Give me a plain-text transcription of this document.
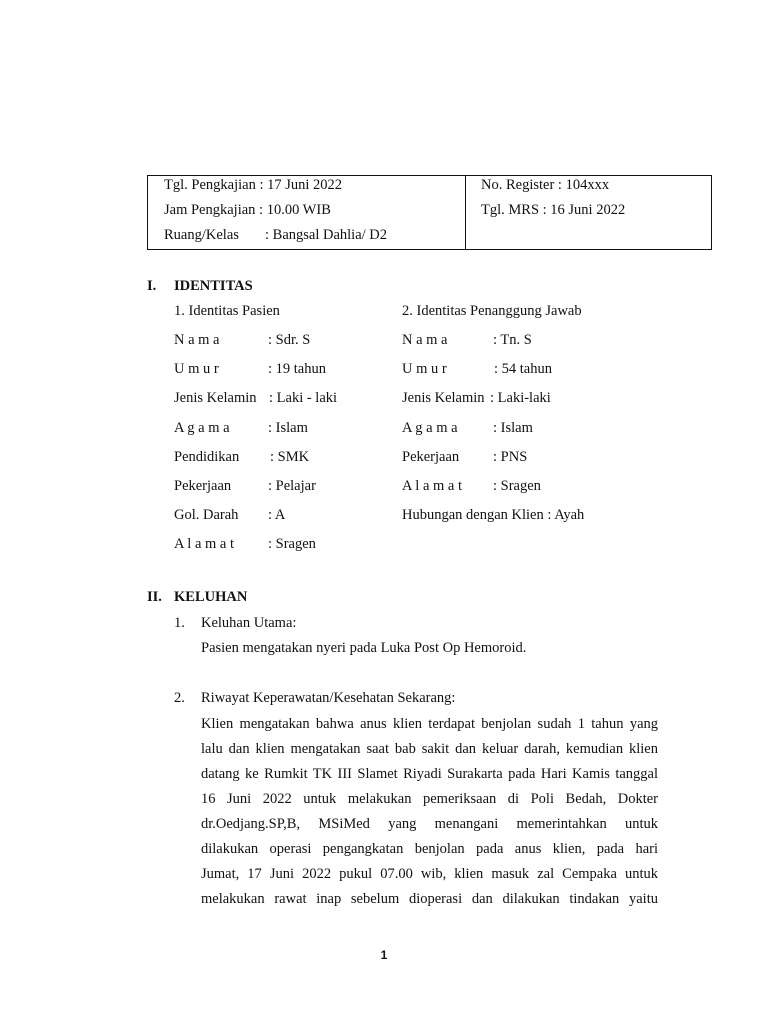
Tgl. Pengkajian : 17 Juni 2022
Jam Pengkajian : 10.00 WIB
Ruang/Kelas : Bangsal Dahlia/ D2
No. Register : 104xxx
Tgl. MRS : 16 Juni 2022
I. IDENTITAS
1. Identitas Pasien	2. Identitas Penanggung Jawab
N a m a	: Sdr. S
U m u r	: 19 tahun
Jenis Kelamin : Laki - laki
A g a m a	: Islam
Pendidikan : SMK
Pekerjaan	: Pelajar
Gol. Darah : A
A l a m a t : Sragen
N a m a	: Tn. S
U m u r	: 54 tahun
Jenis Kelamin : Laki-laki
A g a m a : Islam
Pekerjaan : PNS
A l a m a t : Sragen
Hubungan dengan Klien : Ayah
II. KELUHAN
1. Keluhan Utama:
Pasien mengatakan nyeri pada Luka Post Op Hemoroid.
2. Riwayat Keperawatan/Kesehatan Sekarang:
Klien mengatakan bahwa anus klien terdapat benjolan sudah 1 tahun yang
lalu dan klien mengatakan saat bab sakit dan keluar darah, kemudian klien
datang ke Rumkit TK III Slamet Riyadi Surakarta pada Hari Kamis tanggal
16 Juni 2022 untuk melakukan pemeriksaan di Poli Bedah, Dokter
dr.Oedjang.SP,B, MSiMed yang menangani memerintahkan untuk
dilakukan operasi pengangkatan benjolan pada anus klien, pada hari
Jumat, 17 Juni 2022 pukul 07.00 wib, klien masuk zal Cempaka untuk
melakukan rawat inap sebelum dioperasi dan dilakukan tindakan yaitu
1
